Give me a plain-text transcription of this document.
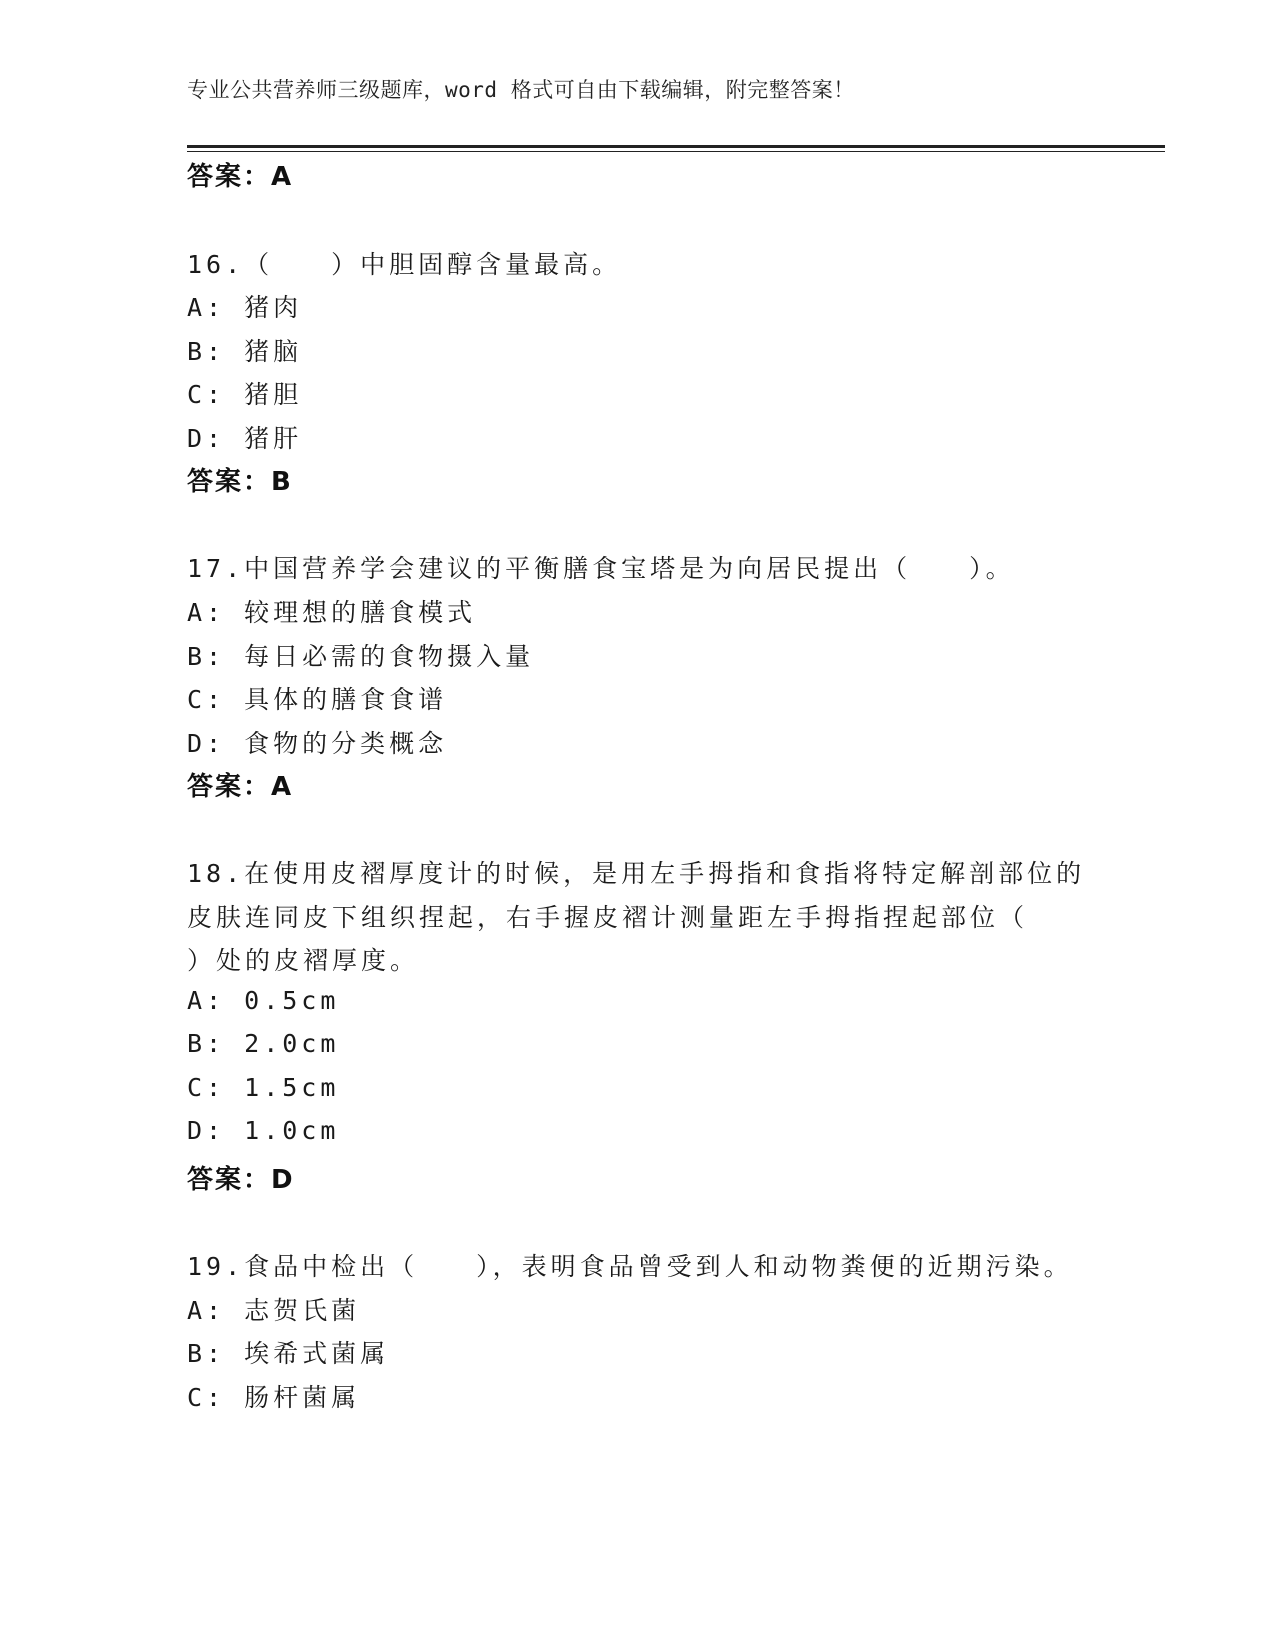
专业公共营养师三级题库，word 格式可自由下载编辑，附完整答案！
答案：A
16.（　　）中胆固醇含量最高。
A: 猪肉
B: 猪脑
C: 猪胆
D: 猪肝
答案：B
17.中国营养学会建议的平衡膳食宝塔是为向居民提出（　　）。
A: 较理想的膳食模式
B: 每日必需的食物摄入量
C: 具体的膳食食谱
D: 食物的分类概念
答案：A
18.在使用皮褶厚度计的时候，是用左手拇指和食指将特定解剖部位的
皮肤连同皮下组织捏起，右手握皮褶计测量距左手拇指捏起部位（
）处的皮褶厚度。
A: 0.5cm
B: 2.0cm
C: 1.5cm
D: 1.0cm
答案：D
19.食品中检出（　　），表明食品曾受到人和动物粪便的近期污染。
A: 志贺氏菌
B: 埃希式菌属
C: 肠杆菌属
